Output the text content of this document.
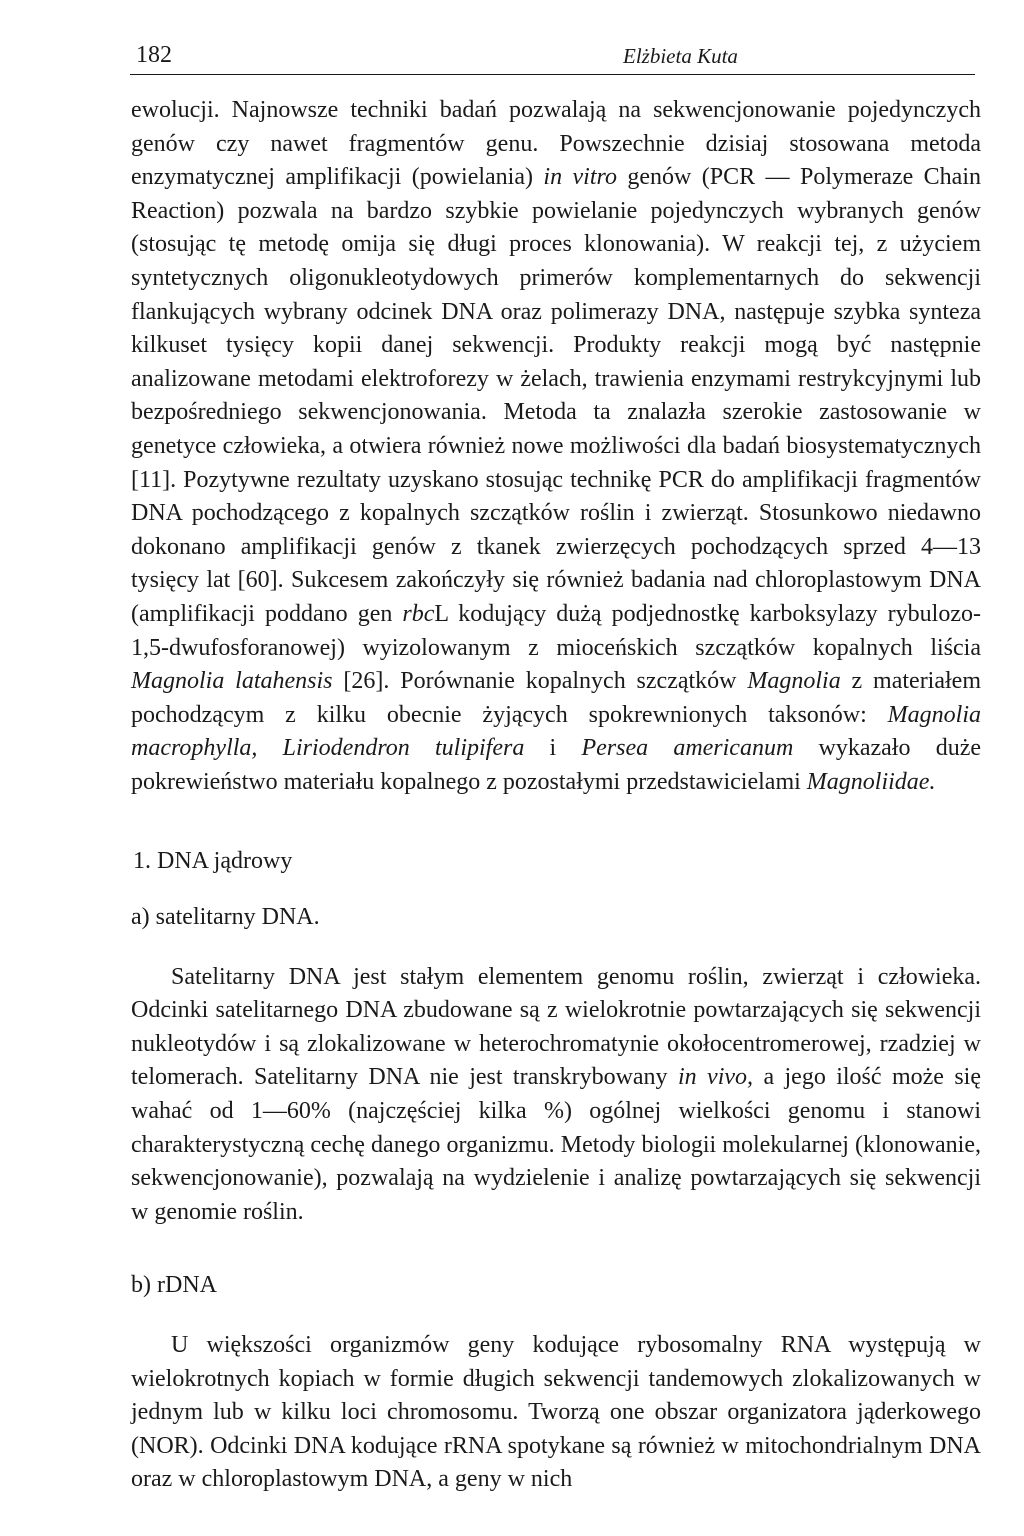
182	Elżbieta Kuta

ewolucji. Najnowsze techniki badań pozwalają na sekwencjonowanie pojedynczych genów czy nawet fragmentów genu. Powszechnie dzisiaj stosowana metoda enzymatycznej amplifikacji (powielania) in vitro genów (PCR — Polymeraze Chain Reaction) pozwala na bardzo szybkie powielanie pojedynczych wybranych genów (stosując tę metodę omija się długi proces klonowania). W reakcji tej, z użyciem syntetycznych oligonukleotydowych primerów komplementarnych do sekwencji flankujących wybrany odcinek DNA oraz polimerazy DNA, następuje szybka synteza kilkuset tysięcy kopii danej sekwencji. Produkty reakcji mogą być następnie analizowane metodami elektroforezy w żelach, trawienia enzymami restrykcyjnymi lub bezpośredniego sekwencjonowania. Metoda ta znalazła szerokie zastosowanie w genetyce człowieka, a otwiera również nowe możliwości dla badań biosystematycznych [11]. Pozytywne rezultaty uzyskano stosując technikę PCR do amplifikacji fragmentów DNA pochodzącego z kopalnych szczątków roślin i zwierząt. Stosunkowo niedawno dokonano amplifikacji genów z tkanek zwierzęcych pochodzących sprzed 4—13 tysięcy lat [60]. Sukcesem zakończyły się również badania nad chloroplastowym DNA (amplifikacji poddano gen rbcL kodujący dużą podjednostkę karboksylazy rybulozo-1,5-dwufosforanowej) wyizolowanym z mioceńskich szczątków kopalnych liścia Magnolia latahensis [26]. Porównanie kopalnych szczątków Magnolia z materiałem pochodzącym z kilku obecnie żyjących spokrewnionych taksonów: Magnolia macrophylla, Liriodendron tulipifera i Persea americanum wykazało duże pokrewieństwo materiału kopalnego z pozostałymi przedstawicielami Magnoliidae.

1. DNA jądrowy

a) satelitarny DNA.

Satelitarny DNA jest stałym elementem genomu roślin, zwierząt i człowieka. Odcinki satelitarnego DNA zbudowane są z wielokrotnie powtarzających się sekwencji nukleotydów i są zlokalizowane w heterochromatynie okołocentromerowej, rzadziej w telomerach. Satelitarny DNA nie jest transkrybowany in vivo, a jego ilość może się wahać od 1—60% (najczęściej kilka %) ogólnej wielkości genomu i stanowi charakterystyczną cechę danego organizmu. Metody biologii molekularnej (klonowanie, sekwencjonowanie), pozwalają na wydzielenie i analizę powtarzających się sekwencji w genomie roślin.

b) rDNA

U większości organizmów geny kodujące rybosomalny RNA występują w wielokrotnych kopiach w formie długich sekwencji tandemowych zlokalizowanych w jednym lub w kilku loci chromosomu. Tworzą one obszar organizatora jąderkowego (NOR). Odcinki DNA kodujące rRNA spotykane są również w mitochondrialnym DNA oraz w chloroplastowym DNA, a geny w nich
